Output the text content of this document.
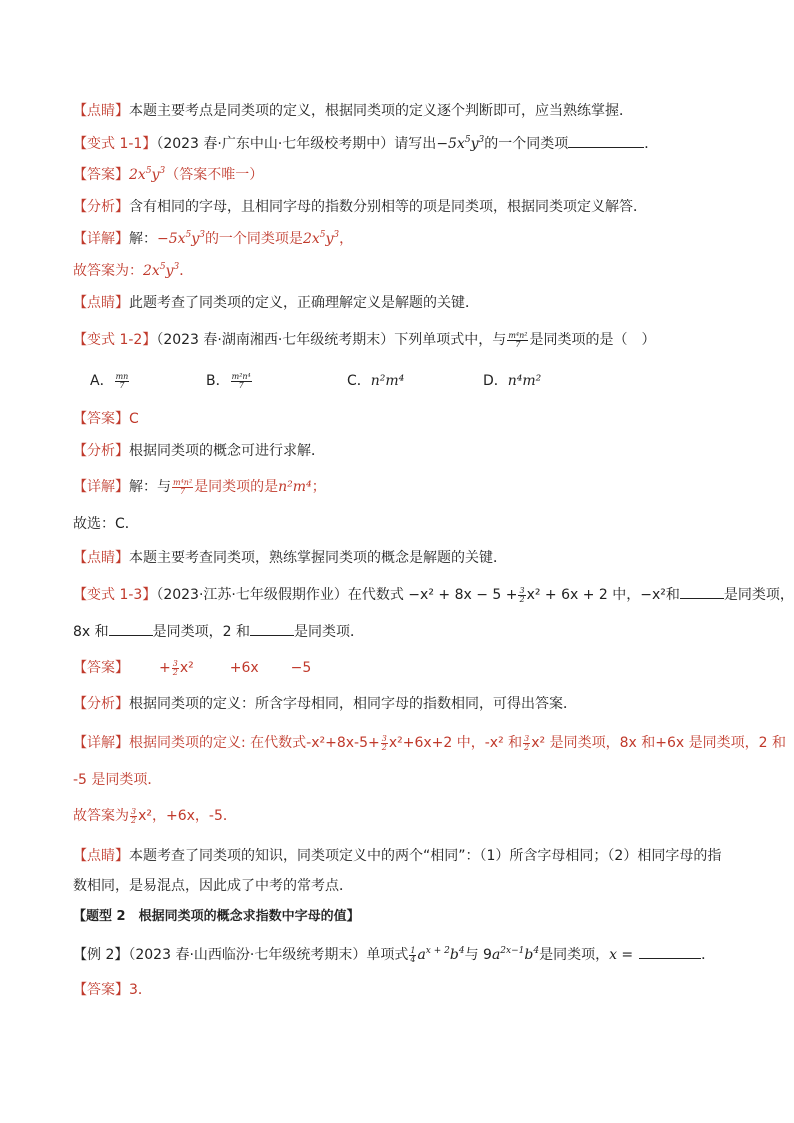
【点睛】本题主要考点是同类项的定义，根据同类项的定义逐个判断即可，应当熟练掌握．
【变式 1-1】（2023 春·广东中山·七年级校考期中）请写出$-5x^5y^3$的一个同类项	．
【答案】$2x^5y^3$（答案不唯一）
【分析】含有相同的字母，且相同字母的指数分别相等的项是同类项，根据同类项定义解答．
【详解】解：$-5x^5y^3$的一个同类项是$2x^5y^3$，
故答案为：$2x^5y^3$．
【点睛】此题考查了同类项的定义，正确理解定义是解题的关键．
【变式 1-2】（2023 春·湖南湘西·七年级统考期末）下列单项式中，与 $\frac{\text{m⁴n²}}{7}$ 是同类项的是（　）
A． $\frac{mn}{7}$	B． $\frac{\text{m²n⁴}}{7}$	C．n²m⁴	D．n⁴m²
【答案】C
【分析】根据同类项的概念可进行求解．
【详解】解：与 $\frac{\text{m⁴n²}}{7}$ 是同类项的是n²m⁴；
故选：C．
【点睛】本题主要考查同类项，熟练掌握同类项的概念是解题的关键．
【变式 1-3】（2023·江苏·七年级假期作业）在代数式 $-x^2 + 8x - 5 + \frac{3}{2} x^2 + 6x + 2$ 中，−x²和	是同类项，
8x 和	是同类项，2 和	是同类项．
【答案】 + $\frac{3}{2} x^2$	+6x −5
【分析】根据同类项的定义：所含字母相同，相同字母的指数相同，可得出答案．
【详解】根据同类项的定义: 在代数式$-x^2+8x-5+ \frac{3}{2} x^2+6x+2$ 中，-x² 和 $\frac{3}{2} x^2$ 是同类项，8x 和+6x 是同类项，2 和
-5 是同类项．
故答案为 $\frac{3}{2} x^2$，+6x，-5．
【点睛】本题考查了同类项的知识，同类项定义中的两个“相同”：（1）所含字母相同；（2）相同字母的指
数相同，是易混点，因此成了中考的常考点．
【题型 2　根据同类项的概念求指数中字母的值】
【例 2】（2023 春·山西临汾·七年级统考期末）单项式 $\frac{1}{4} a^{x + 2}b^4$与 $9a^{2x-1}b^4$是同类项，x =	．
【答案】3．
